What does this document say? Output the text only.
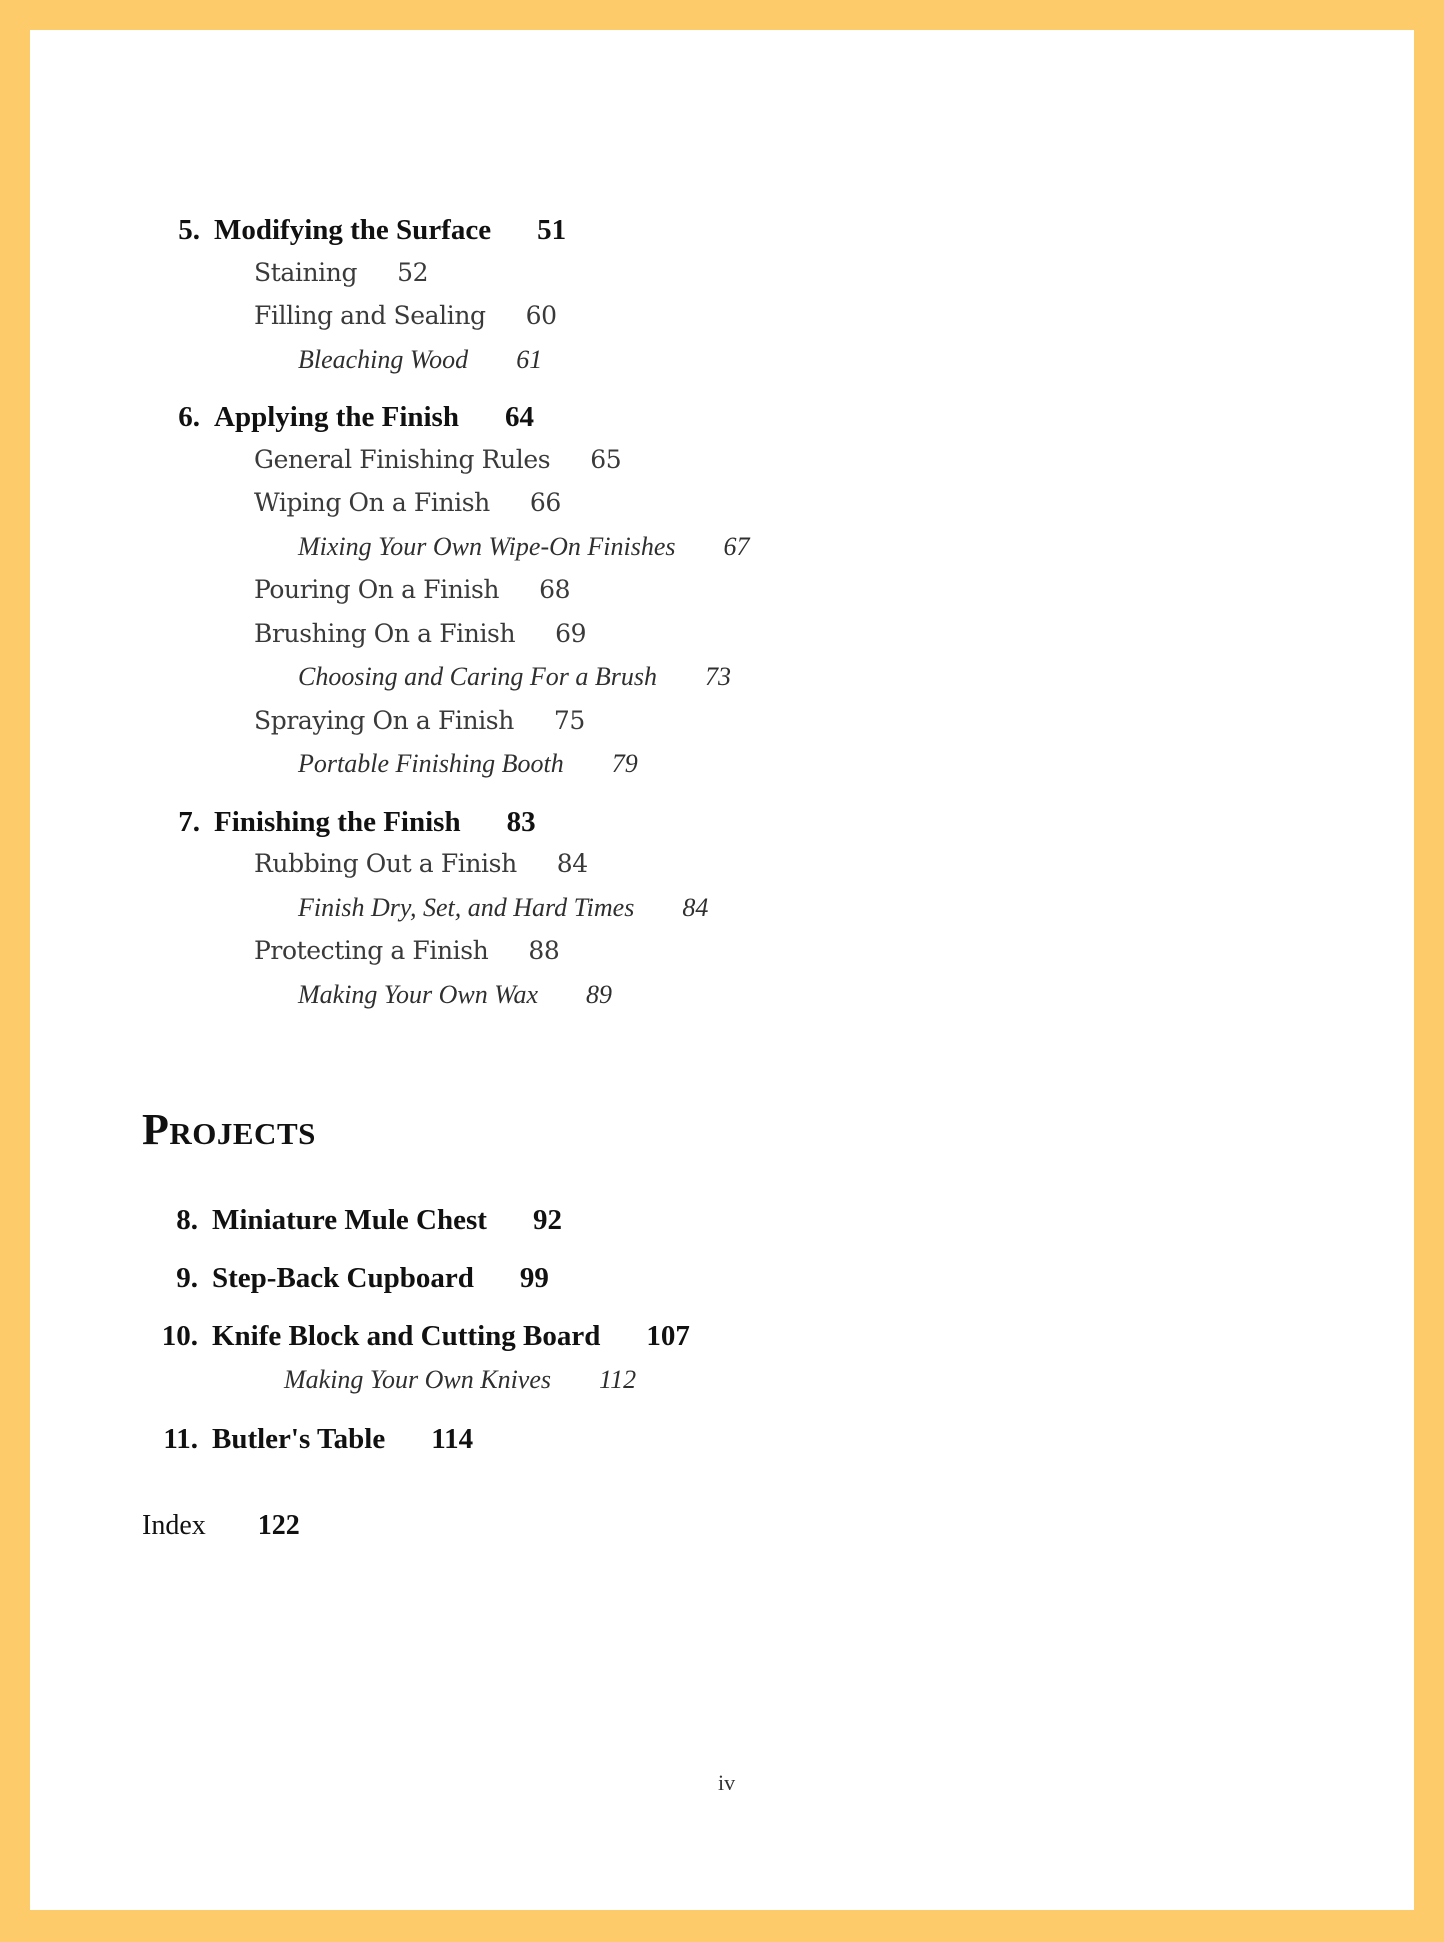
5. Modifying the Surface 51
Staining 52
Filling and Sealing 60
Bleaching Wood 61
6. Applying the Finish 64
General Finishing Rules 65
Wiping On a Finish 66
Mixing Your Own Wipe-On Finishes 67
Pouring On a Finish 68
Brushing On a Finish 69
Choosing and Caring For a Brush 73
Spraying On a Finish 75
Portable Finishing Booth 79
7. Finishing the Finish 83
Rubbing Out a Finish 84
Finish Dry, Set, and Hard Times 84
Protecting a Finish 88
Making Your Own Wax 89
Projects
8. Miniature Mule Chest 92
9. Step-Back Cupboard 99
10. Knife Block and Cutting Board 107
Making Your Own Knives 112
11. Butler's Table 114
Index 122
iv
